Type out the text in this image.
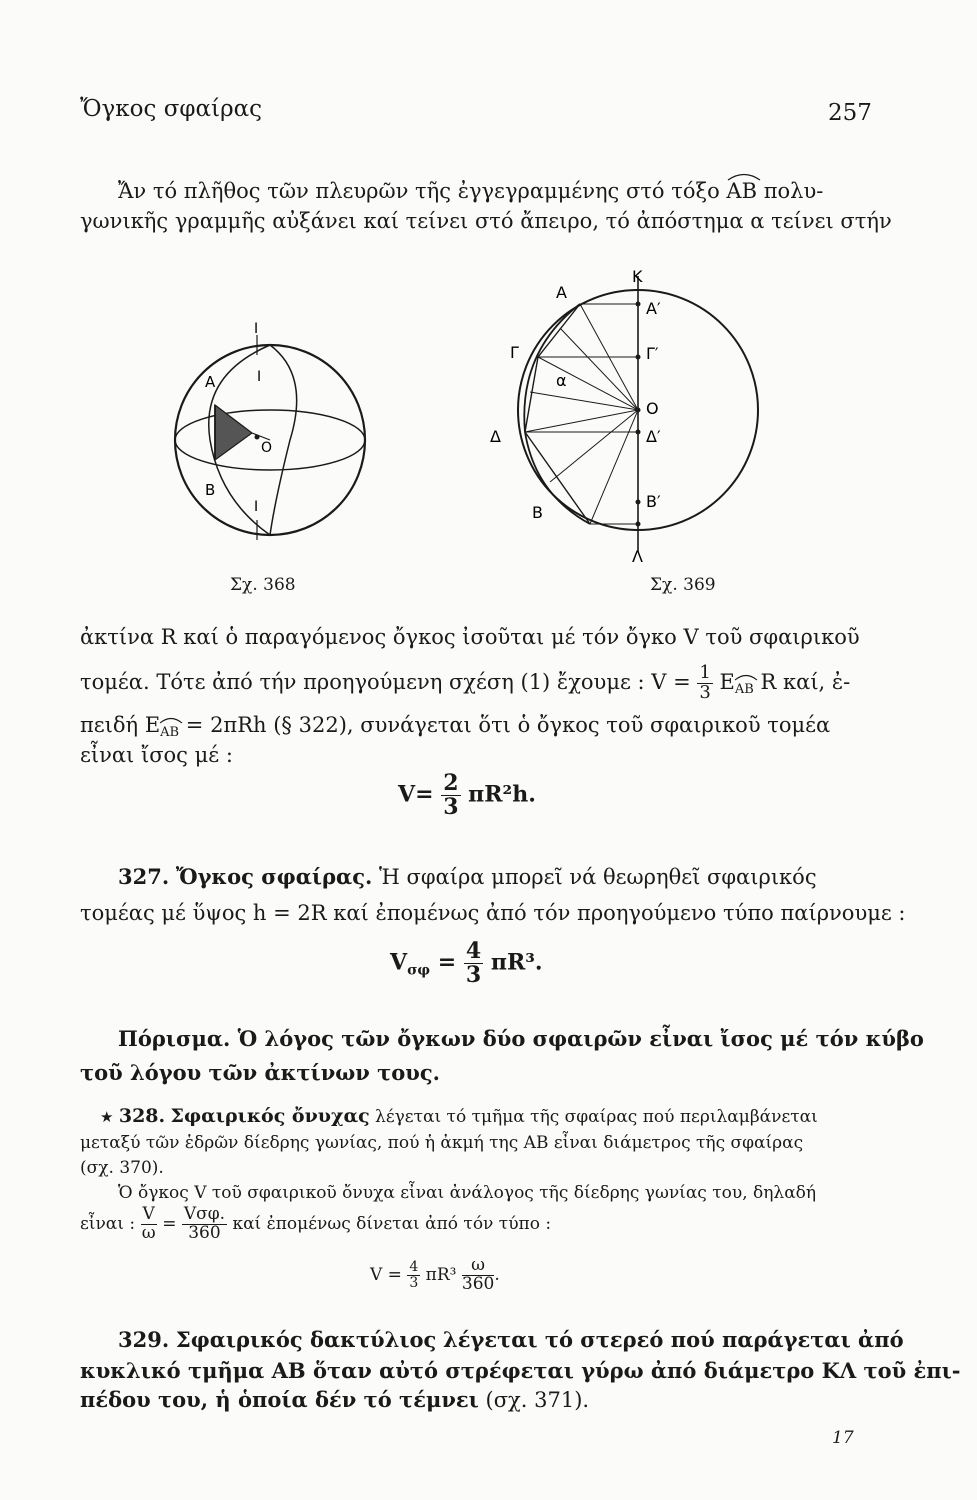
Ὄγκος σφαίρας	257
Ἄν τό πλῆθος τῶν πλευρῶν τῆς ἐγγεγραμμένης στό τόξο ΑΒ πολυ-
γωνικῆς γραμμῆς αὐξάνει καί τείνει στό ἄπειρο, τό ἀπόστημα α τείνει στήν
Ι
Α	Ι
Ο
Β
Ι
Σχ. 368
Κ
Α
Α′
Γ	Γ′
α
Ο
Δ	Δ′
Β
Β′
Λ
Σχ. 369
ἀκτίνα R καί ὁ παραγόμενος ὄγκος ἰσοῦται μέ τόν ὄγκο V τοῦ σφαιρικοῦ
τομέα. Τότε ἀπό τήν προηγούμενη σχέση (1) ἔχουμε : $V = \frac{1}{3}$ E
ΑΒ R καί, ἐ-
πειδή E
ΑΒ = 2πRh (§ 322), συνάγεται ὅτι ὁ ὄγκος τοῦ σφαιρικοῦ τομέα
εἶναι ἴσος μέ :
$V= \frac{2}{3} \pi R^2h$.
327. Ὄγκος σφαίρας. Ἡ σφαίρα μπορεῖ νά θεωρηθεῖ σφαιρικός
τομέας μέ ὕψος h = 2R καί ἐπομένως ἀπό τόν προηγούμενο τύπο παίρνουμε :
$V_{\sigma\varphi} = \frac{4}{3} \pi R^3$.
Πόρισμα. Ὁ λόγος τῶν ὄγκων δύο σφαιρῶν εἶναι ἴσος μέ τόν κύβο
τοῦ λόγου τῶν ἀκτίνων τους.
★ 328. Σφαιρικός ὄνυχας λέγεται τό τμῆμα τῆς σφαίρας πού περιλαμβάνεται
μεταξύ τῶν ἑδρῶν δίεδρης γωνίας, πού ἡ ἀκμή της ΑΒ εἶναι διάμετρος τῆς σφαίρας
(σχ. 370).
Ὁ ὄγκος V τοῦ σφαιρικοῦ ὄνυχα εἶναι ἀνάλογος τῆς δίεδρης γωνίας του, δηλαδή
εἶναι : $\frac{V}{\omega} = \frac{\text{Vσφ.}}{360}$ καί ἐπομένως δίνεται ἀπό τόν τύπο :
$V = \frac{4}{3} \pi R^3 \frac{\omega}{360}$ .
329. Σφαιρικός δακτύλιος λέγεται τό στερεό πού παράγεται ἀπό
κυκλικό τμῆμα ΑΒ ὅταν αὐτό στρέφεται γύρω ἀπό διάμετρο ΚΛ τοῦ ἐπι-
πέδου του, ἡ ὁποία δέν τό τέμνει (σχ. 371).
17
